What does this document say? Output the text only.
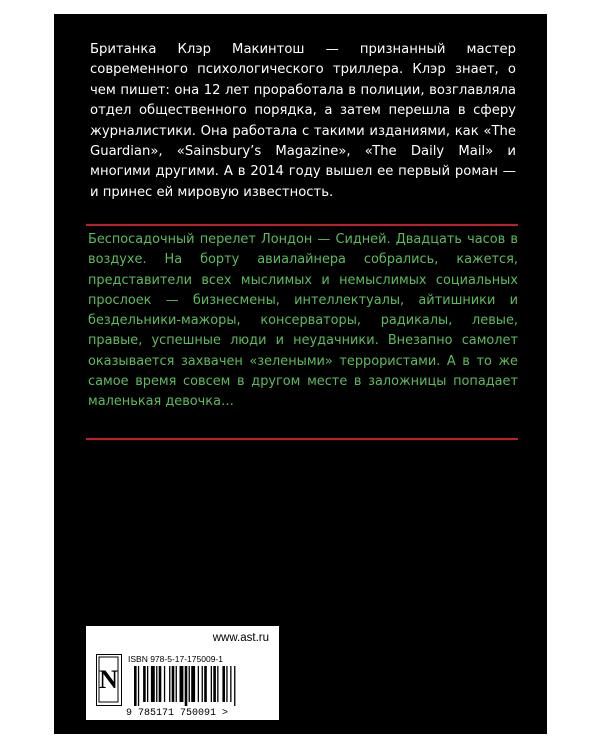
Британка Клэр Макинтош — признанный мастер современного психологического триллера. Клэр знает, о чем пишет: она 12 лет проработала в полиции, возглавляла отдел общественного порядка, а затем перешла в сферу журналистики. Она работала с такими изданиями, как «The Guardian», «Sainsbury’s Magazine», «The Daily Mail» и многими другими. А в 2014 году вышел ее первый роман — и принес ей мировую известность.

Беспосадочный перелет Лондон — Сидней. Двадцать часов в воздухе. На борту авиалайнера собрались, кажется, представители всех мыслимых и немыслимых социальных прослоек — бизнесмены, интеллектуалы, айтишники и бездельники-мажоры, консерваторы, радикалы, левые, правые, успешные люди и неудачники. Внезапно самолет оказывается захвачен «зелеными» террористами. А в то же самое время совсем в другом месте в заложницы попадает маленькая девочка…

www.ast.ru
N
ISBN 978-5-17-175009-1
9 785171 750091 >
